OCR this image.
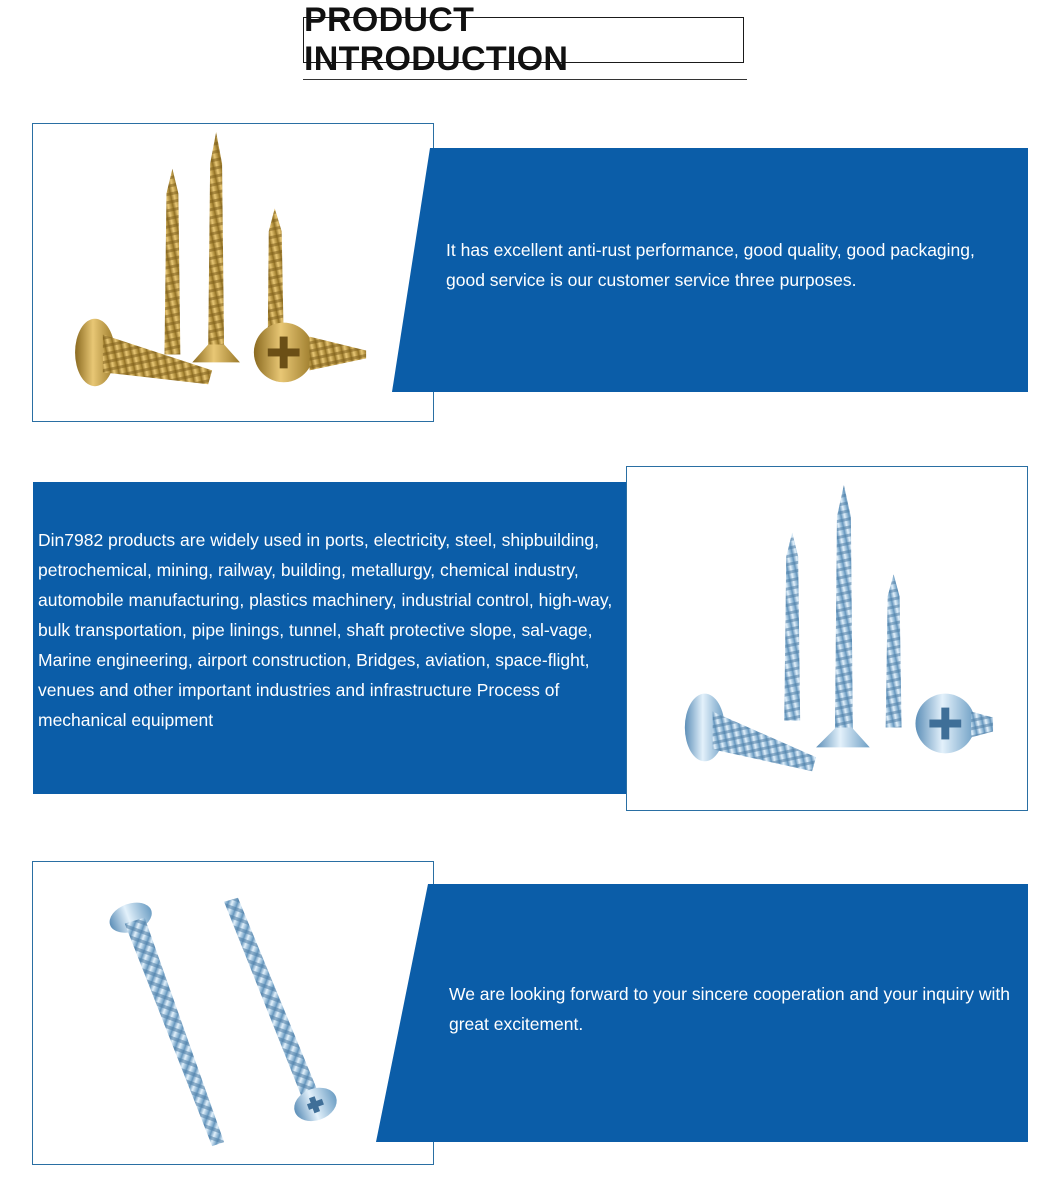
PRODUCT INTRODUCTION
It has excellent anti-rust performance, good quality, good packaging, good service is our customer service three purposes.
Din7982 products are widely used in ports, electricity, steel, shipbuilding, petrochemical, mining, railway, building, metallurgy, chemical industry, automobile manufacturing, plastics machinery, industrial control, high-way, bulk transportation, pipe linings, tunnel, shaft protective slope, sal-vage, Marine engineering, airport construction, Bridges, aviation, space-flight, venues and other important industries and infrastructure Process of mechanical equipment
We are looking forward to your sincere cooperation and your inquiry with great excitement.
